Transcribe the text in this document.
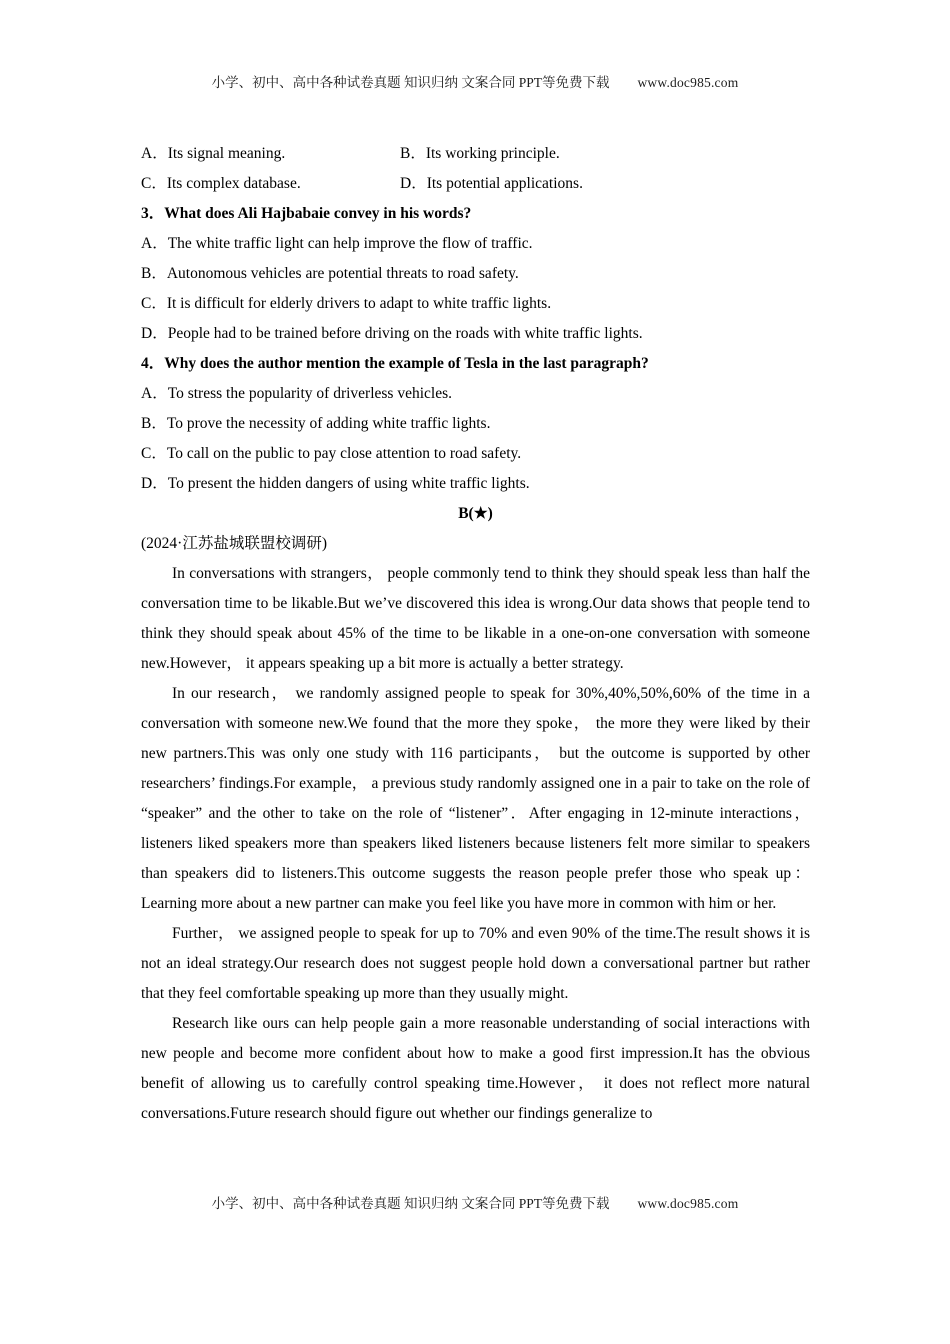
小学、初中、高中各种试卷真题 知识归纳 文案合同 PPT等免费下载 www.doc985.com
A．Its signal meaning.	B．Its working principle.
C．Its complex database.	D．Its potential applications.
3．What does Ali Hajbabaie convey in his words?
A．The white traffic light can help improve the flow of traffic.
B．Autonomous vehicles are potential threats to road safety.
C．It is difficult for elderly drivers to adapt to white traffic lights.
D．People had to be trained before driving on the roads with white traffic lights.
4．Why does the author mention the example of Tesla in the last paragraph?
A．To stress the popularity of driverless vehicles.
B．To prove the necessity of adding white traffic lights.
C．To call on the public to pay close attention to road safety.
D．To present the hidden dangers of using white traffic lights.
B(★)
(2024·江苏盐城联盟校调研)

In conversations with strangers， people commonly tend to think they should speak less than half the conversation time to be likable.But we’ve discovered this idea is wrong.Our data shows that people tend to think they should speak about 45% of the time to be likable in a one-on-one conversation with someone new.However， it appears speaking up a bit more is actually a better strategy.

In our research， we randomly assigned people to speak for 30%,40%,50%,60% of the time in a conversation with someone new.We found that the more they spoke， the more they were liked by their new partners.This was only one study with 116 participants， but the outcome is supported by other researchers’ findings.For example， a previous study randomly assigned one in a pair to take on the role of “speaker” and the other to take on the role of “listener”．After engaging in 12-minute interactions， listeners liked speakers more than speakers liked listeners because listeners felt more similar to speakers than speakers did to listeners.This outcome suggests the reason people prefer those who speak up： Learning more about a new partner can make you feel like you have more in common with him or her.

Further， we assigned people to speak for up to 70% and even 90% of the time.The result shows it is not an ideal strategy.Our research does not suggest people hold down a conversational partner but rather that they feel comfortable speaking up more than they usually might.

Research like ours can help people gain a more reasonable understanding of social interactions with new people and become more confident about how to make a good first impression.It has the obvious benefit of allowing us to carefully control speaking time.However， it does not reflect more natural conversations.Future research should figure out whether our findings generalize to

小学、初中、高中各种试卷真题 知识归纳 文案合同 PPT等免费下载 www.doc985.com
